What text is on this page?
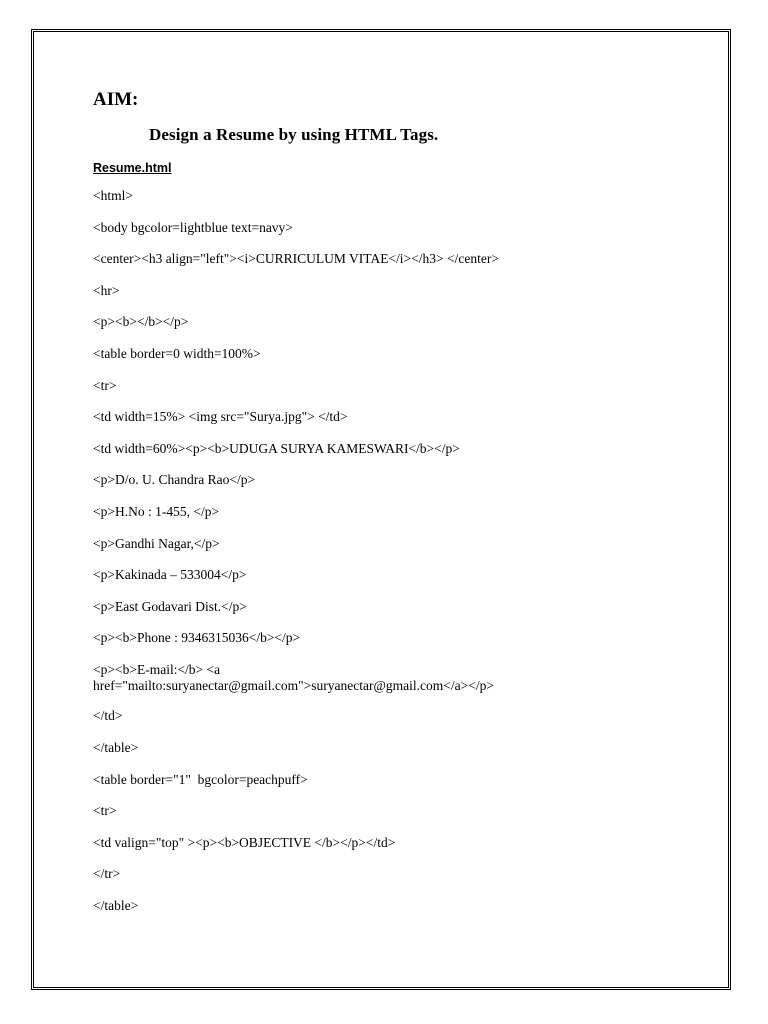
AIM:
Design a Resume by using HTML Tags.
Resume.html

<html>

<body bgcolor=lightblue text=navy>

<center><h3 align="left"><i>CURRICULUM VITAE</i></h3> </center>

<hr>

<p><b></b></p>

<table border=0 width=100%>

<tr>

<td width=15%> <img src="Surya.jpg"> </td>

<td width=60%><p><b>UDUGA SURYA KAMESWARI</b></p>

<p>D/o. U. Chandra Rao</p>

<p>H.No : 1-455, </p>

<p>Gandhi Nagar,</p>

<p>Kakinada – 533004</p>

<p>East Godavari Dist.</p>

<p><b>Phone : 9346315036</b></p>

<p><b>E-mail:</b> <a
href="mailto:suryanectar@gmail.com">suryanectar@gmail.com</a></p>

</td>

</table>

<table border="1"  bgcolor=peachpuff>

<tr>

<td valign="top" ><p><b>OBJECTIVE </b></p></td>

</tr>

</table>
